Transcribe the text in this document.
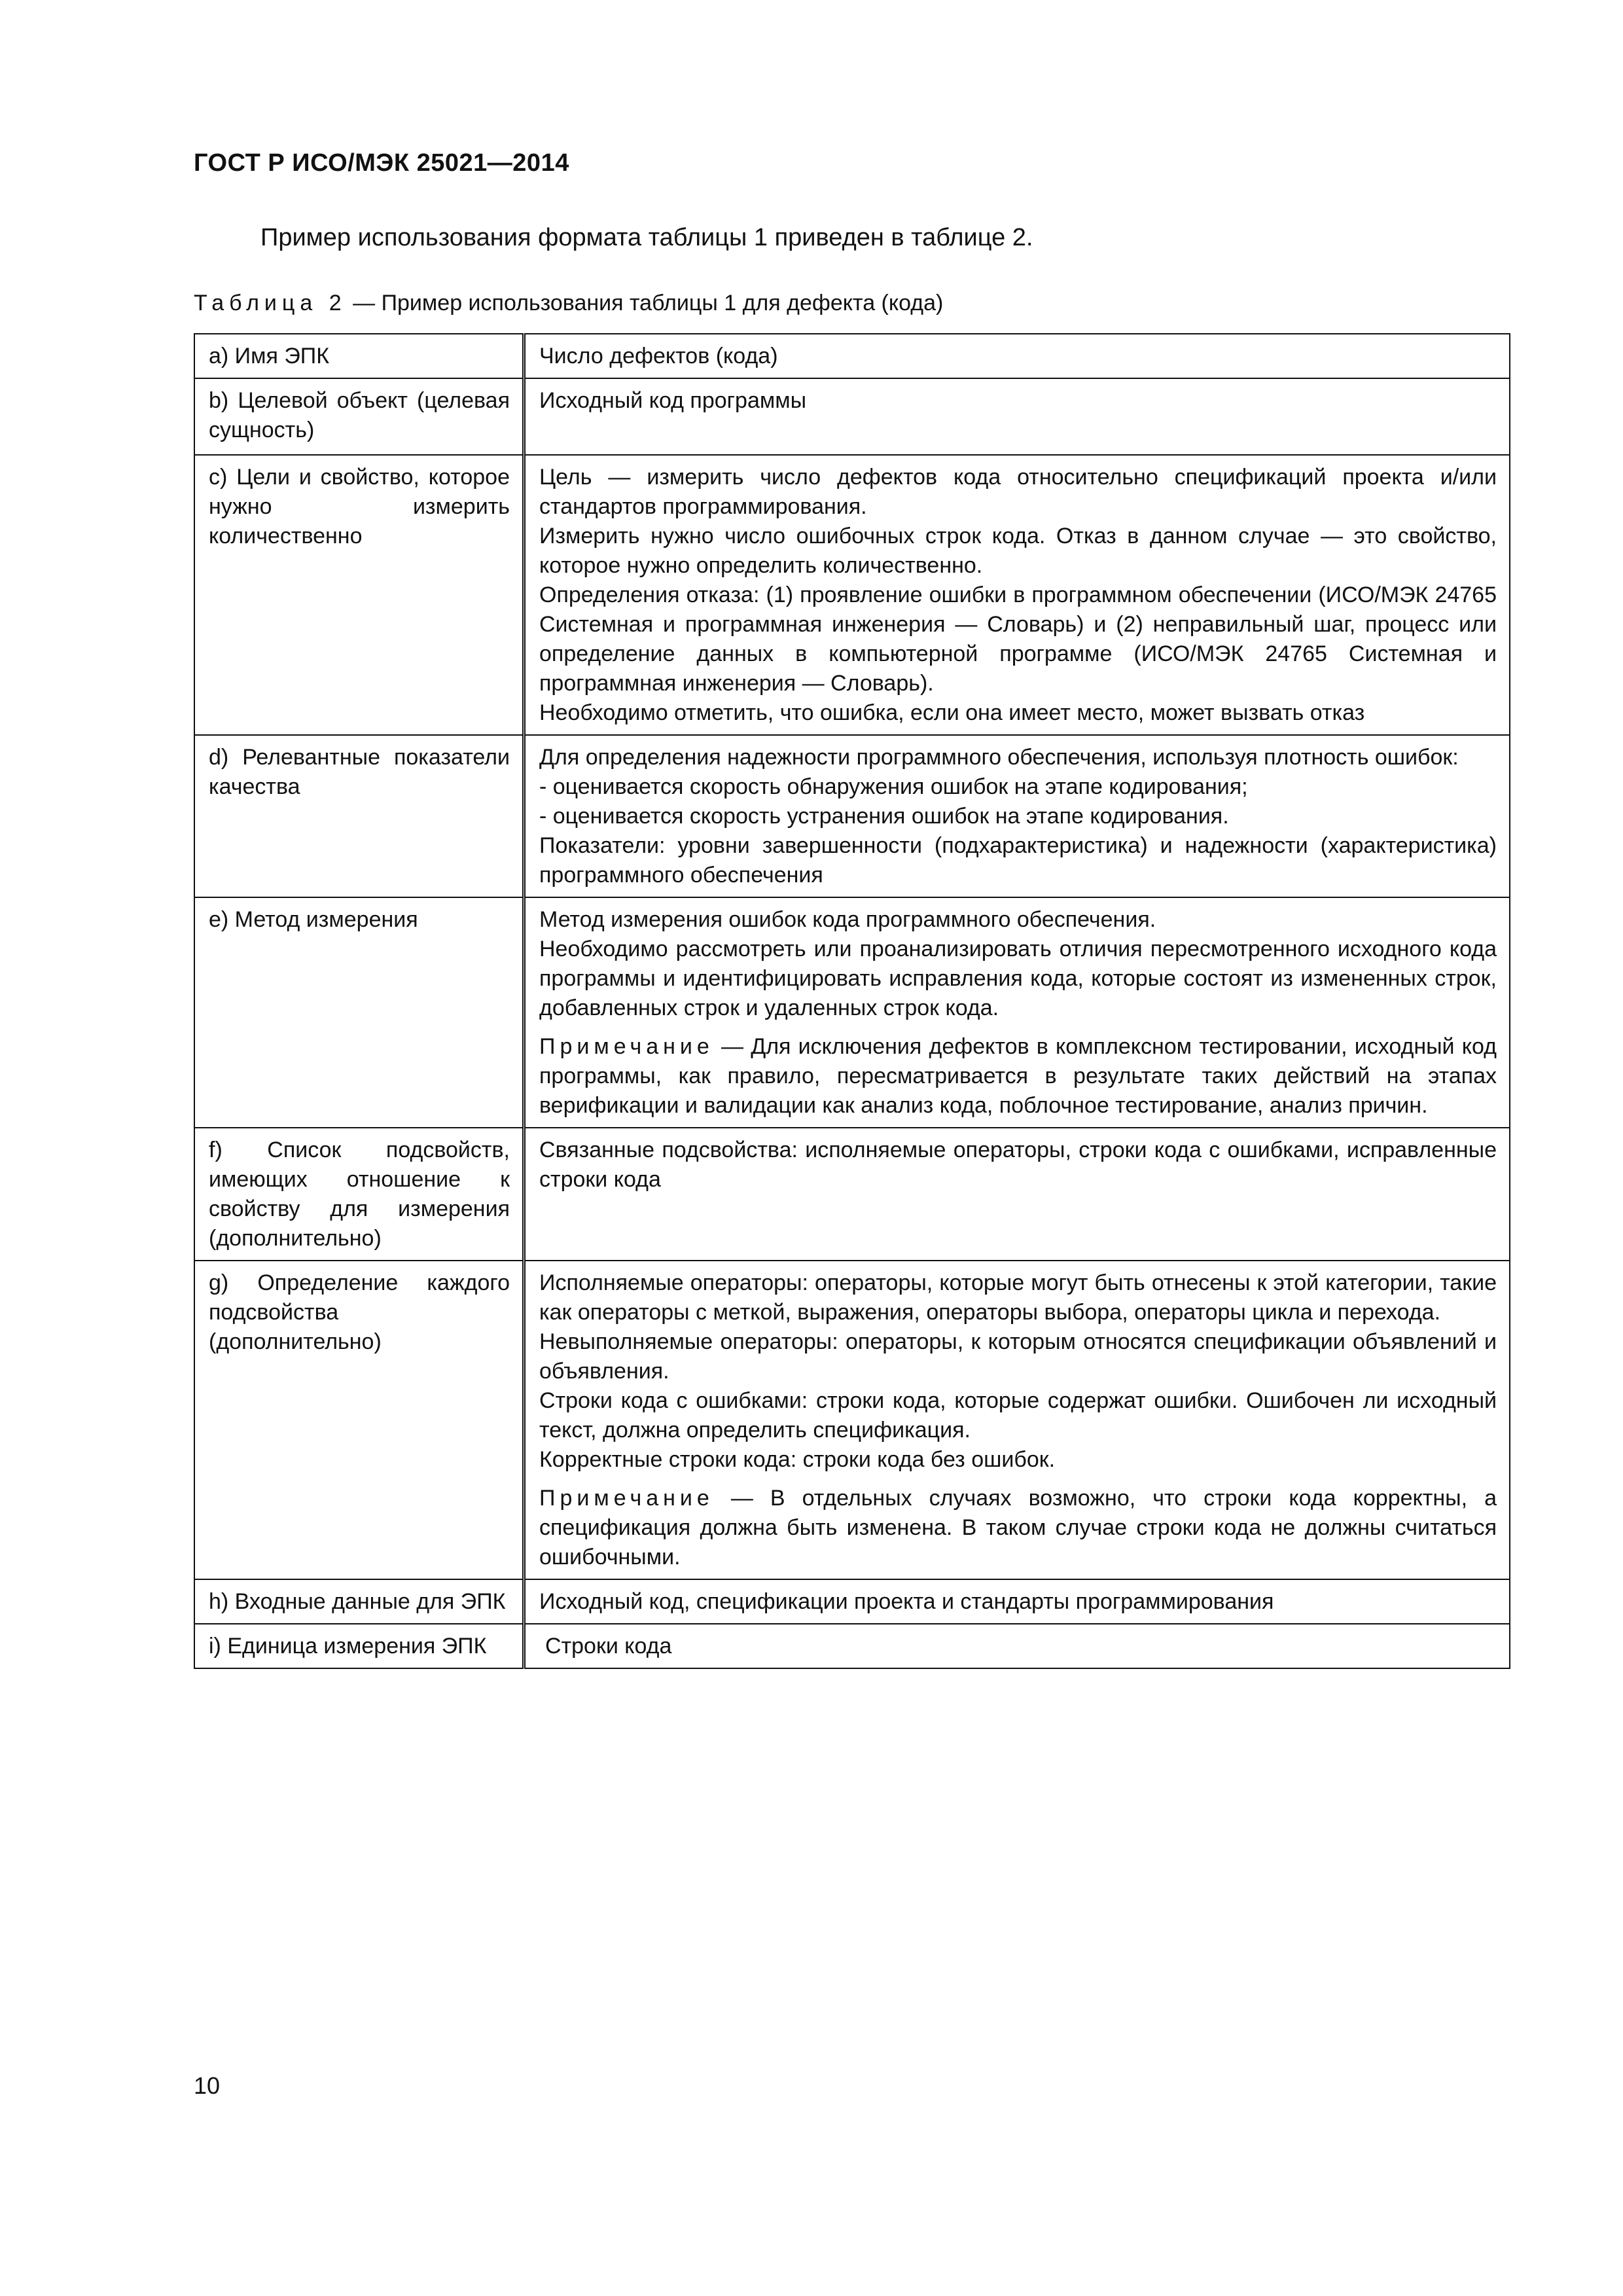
ГОСТ Р ИСО/МЭК 25021—2014
Пример использования формата таблицы 1 приведен в таблице 2.
Таблица 2 — Пример использования таблицы 1 для дефекта (кода)
a) Имя ЭПК	Число дефектов (кода)

b) Целевой объект (целевая сущность)	Исходный код программы

c) Цели и свойство, которое нужно измерить количественно	Цель — измерить число дефектов кода относительно спецификаций проекта и/или стандартов программирования.
Измерить нужно число ошибочных строк кода. Отказ в данном случае — это свойство, которое нужно определить количественно.
Определения отказа: (1) проявление ошибки в программном обеспечении (ИСО/МЭК 24765 Системная и программная инженерия — Словарь) и (2) неправильный шаг, процесс или определение данных в компьютерной программе (ИСО/МЭК 24765 Системная и программная инженерия — Словарь).
Необходимо отметить, что ошибка, если она имеет место, может вызвать отказ

d) Релевантные показатели качества	Для определения надежности программного обеспечения, используя плотность ошибок:
- оценивается скорость обнаружения ошибок на этапе кодирования;
- оценивается скорость устранения ошибок на этапе кодирования.
Показатели: уровни завершенности (подхарактеристика) и надежности (характеристика) программного обеспечения

e) Метод измерения	Метод измерения ошибок кода программного обеспечения.
Необходимо рассмотреть или проанализировать отличия пересмотренного исходного кода программы и идентифицировать исправления кода, которые состоят из измененных строк, добавленных строк и удаленных строк кода.
Примечание — Для исключения дефектов в комплексном тестировании, исходный код программы, как правило, пересматривается в результате таких действий на этапах верификации и валидации как анализ кода, поблочное тестирование, анализ причин.

f) Список подсвойств, имеющих отношение к свойству для измерения (дополнительно)	Связанные подсвойства: исполняемые операторы, строки кода с ошибками, исправленные строки кода

g) Определение каждого подсвойства (дополнительно)	Исполняемые операторы: операторы, которые могут быть отнесены к этой категории, такие как операторы с меткой, выражения, операторы выбора, операторы цикла и перехода.
Невыполняемые операторы: операторы, к которым относятся спецификации объявлений и объявления.
Строки кода с ошибками: строки кода, которые содержат ошибки. Ошибочен ли исходный текст, должна определить спецификация.
Корректные строки кода: строки кода без ошибок.
Примечание — В отдельных случаях возможно, что строки кода корректны, а спецификация должна быть изменена. В таком случае строки кода не должны считаться ошибочными.

h) Входные данные для ЭПК	Исходный код, спецификации проекта и стандарты программирования

i) Единица измерения ЭПК	Строки кода
10
